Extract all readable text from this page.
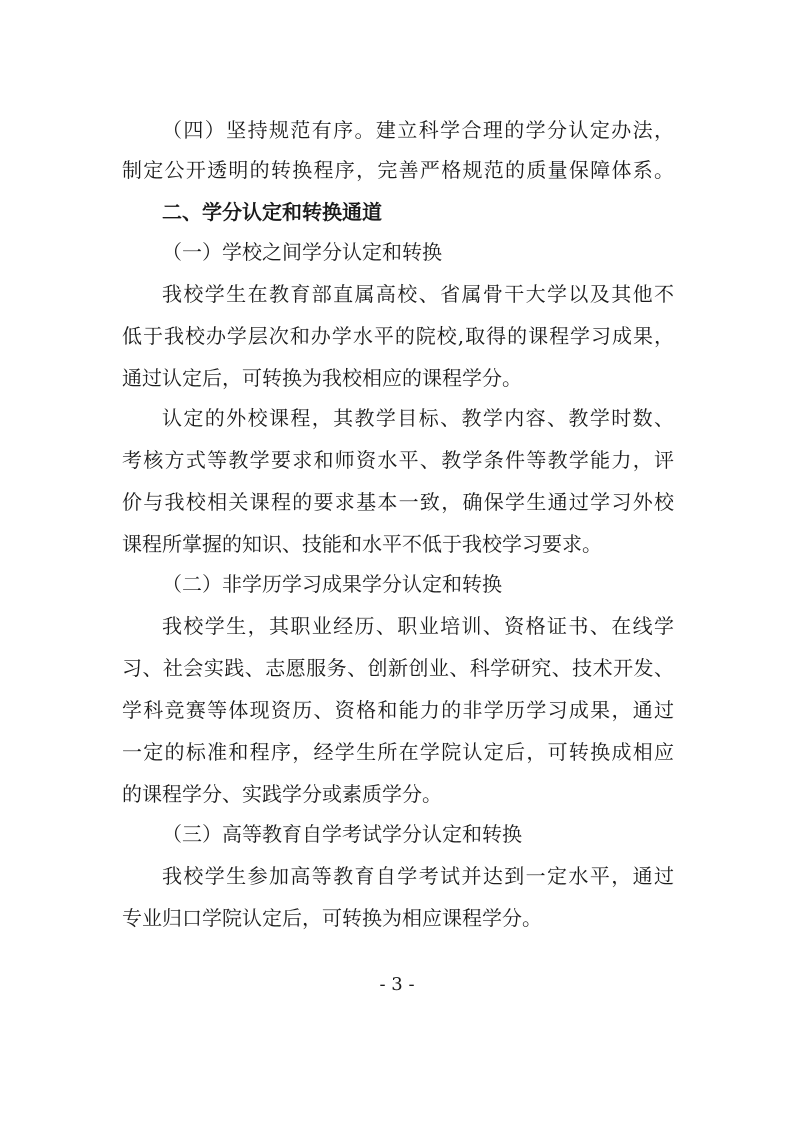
（四）坚持规范有序。建立科学合理的学分认定办法，
制定公开透明的转换程序，完善严格规范的质量保障体系。
二、学分认定和转换通道
（一）学校之间学分认定和转换
我校学生在教育部直属高校、省属骨干大学以及其他不
低于我校办学层次和办学水平的院校,取得的课程学习成果，
通过认定后，可转换为我校相应的课程学分。
认定的外校课程，其教学目标、教学内容、教学时数、
考核方式等教学要求和师资水平、教学条件等教学能力，评
价与我校相关课程的要求基本一致，确保学生通过学习外校
课程所掌握的知识、技能和水平不低于我校学习要求。
（二）非学历学习成果学分认定和转换
我校学生，其职业经历、职业培训、资格证书、在线学
习、社会实践、志愿服务、创新创业、科学研究、技术开发、
学科竞赛等体现资历、资格和能力的非学历学习成果，通过
一定的标准和程序，经学生所在学院认定后，可转换成相应
的课程学分、实践学分或素质学分。
（三）高等教育自学考试学分认定和转换
我校学生参加高等教育自学考试并达到一定水平，通过
专业归口学院认定后，可转换为相应课程学分。
- 3 -
